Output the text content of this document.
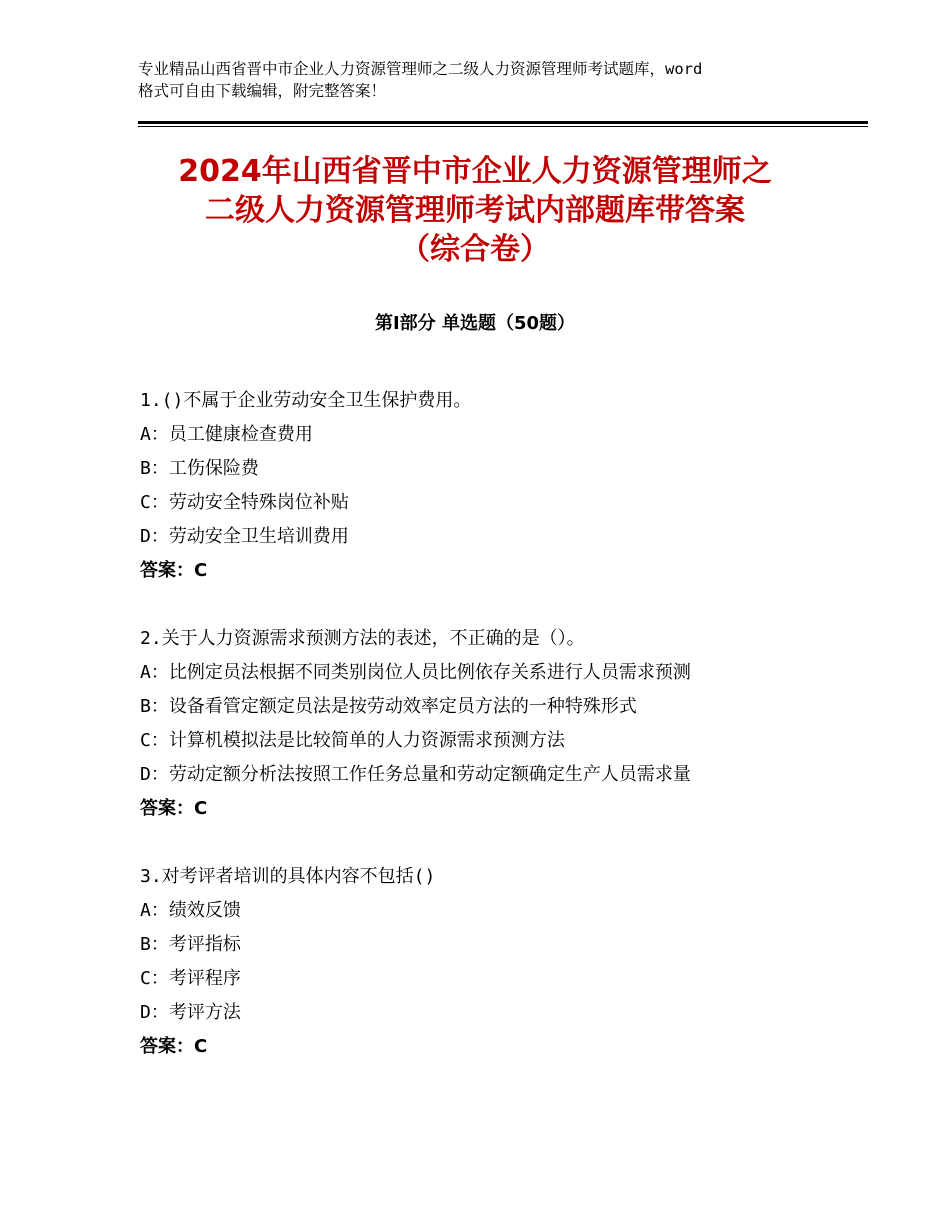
专业精品山西省晋中市企业人力资源管理师之二级人力资源管理师考试题库，word
格式可自由下载编辑，附完整答案！
2024年山西省晋中市企业人力资源管理师之
二级人力资源管理师考试内部题库带答案
（综合卷）
第Ⅰ部分 单选题（50题）
1.()不属于企业劳动安全卫生保护费用。
A：员工健康检查费用
B：工伤保险费
C：劳动安全特殊岗位补贴
D：劳动安全卫生培训费用
答案：C
2.关于人力资源需求预测方法的表述，不正确的是（）。
A：比例定员法根据不同类别岗位人员比例依存关系进行人员需求预测
B：设备看管定额定员法是按劳动效率定员方法的一种特殊形式
C：计算机模拟法是比较简单的人力资源需求预测方法
D：劳动定额分析法按照工作任务总量和劳动定额确定生产人员需求量
答案：C
3.对考评者培训的具体内容不包括()
A：绩效反馈
B：考评指标
C：考评程序
D：考评方法
答案：C
